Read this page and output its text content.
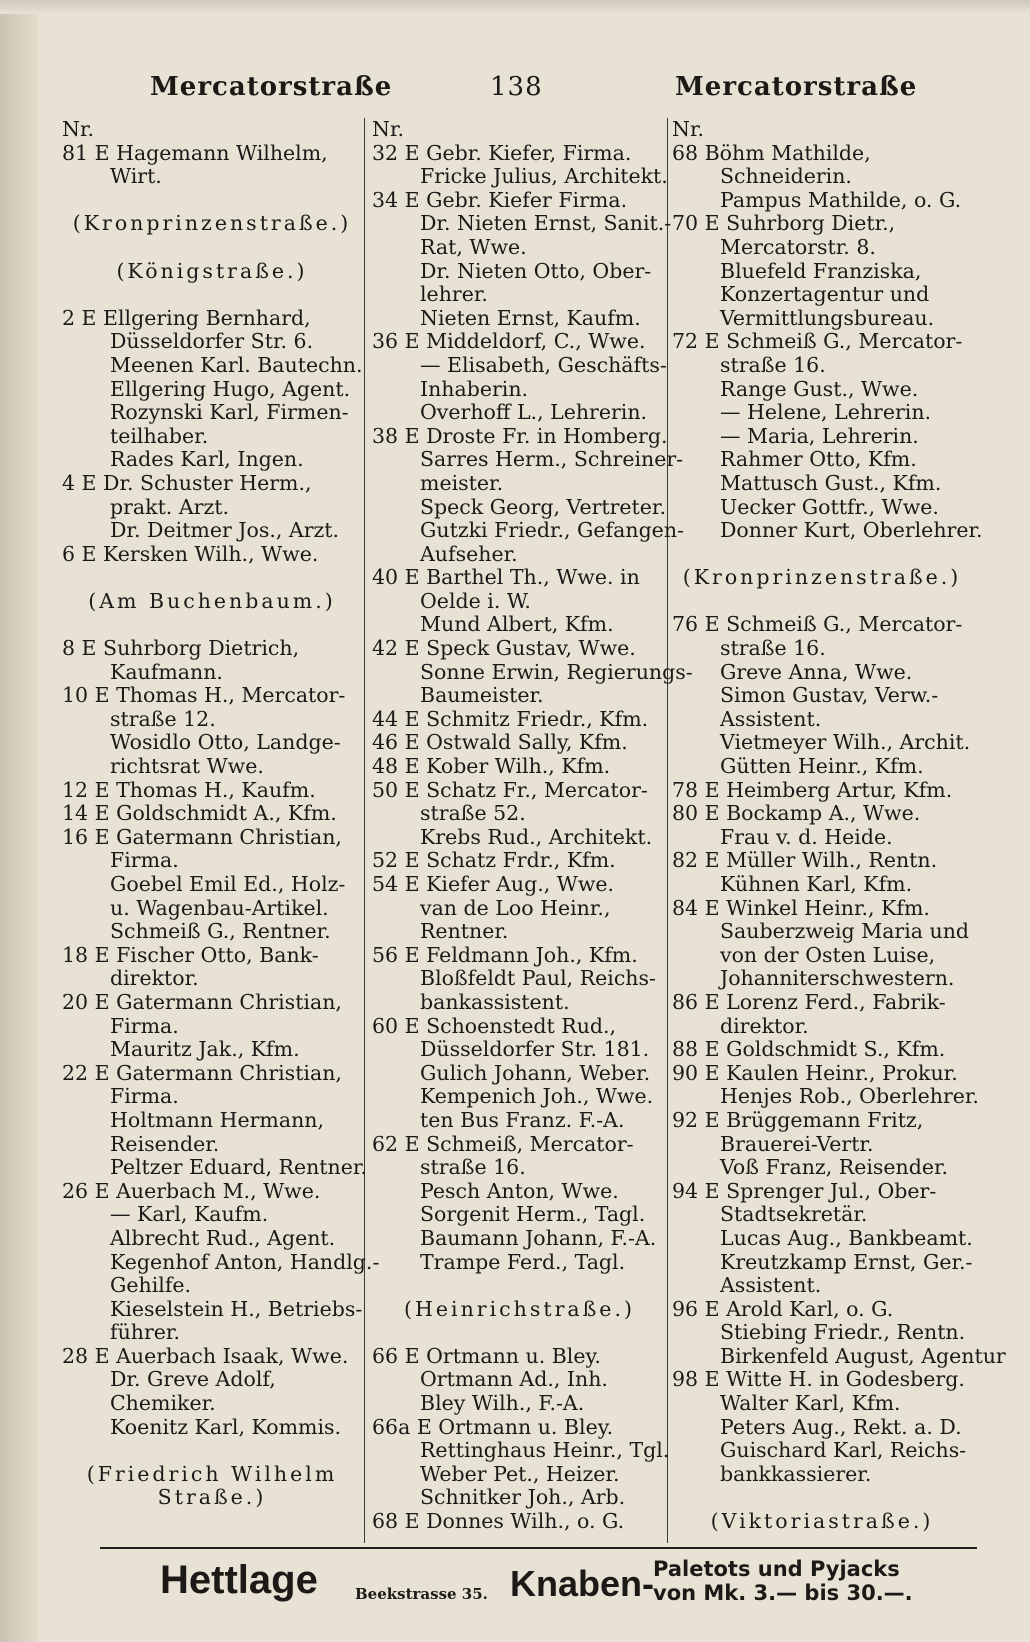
Mercatorstraße	138	Mercatorstraße
Nr.
81 E Hagemann Wilhelm,
Wirt.
(Kronprinzenstraße.)
(Königstraße.)
2 E Ellgering Bernhard,
Düsseldorfer Str. 6.
Meenen Karl. Bautechn.
Ellgering Hugo, Agent.
Rozynski Karl, Firmen-
teilhaber.
Rades Karl, Ingen.
4 E Dr. Schuster Herm.,
prakt. Arzt.
Dr. Deitmer Jos., Arzt.
6 E Kersken Wilh., Wwe.
(Am Buchenbaum.)
8 E Suhrborg Dietrich,
Kaufmann.
10 E Thomas H., Mercator-
straße 12.
Wosidlo Otto, Landge-
richtsrat Wwe.
12 E Thomas H., Kaufm.
14 E Goldschmidt A., Kfm.
16 E Gatermann Christian,
Firma.
Goebel Emil Ed., Holz-
u. Wagenbau-Artikel.
Schmeiß G., Rentner.
18 E Fischer Otto, Bank-
direktor.
20 E Gatermann Christian,
Firma.
Mauritz Jak., Kfm.
22 E Gatermann Christian,
Firma.
Holtmann Hermann,
Reisender.
Peltzer Eduard, Rentner.
26 E Auerbach M., Wwe.
— Karl, Kaufm.
Albrecht Rud., Agent.
Kegenhof Anton, Handlg.-
Gehilfe.
Kieselstein H., Betriebs-
führer.
28 E Auerbach Isaak, Wwe.
Dr. Greve Adolf,
Chemiker.
Koenitz Karl, Kommis.
(Friedrich Wilhelm
Straße.)
Nr.
32 E Gebr. Kiefer, Firma.
Fricke Julius, Architekt.
34 E Gebr. Kiefer Firma.
Dr. Nieten Ernst, Sanit.-
Rat, Wwe.
Dr. Nieten Otto, Ober-
lehrer.
Nieten Ernst, Kaufm.
36 E Middeldorf, C., Wwe.
— Elisabeth, Geschäfts-
Inhaberin.
Overhoff L., Lehrerin.
38 E Droste Fr. in Homberg.
Sarres Herm., Schreiner-
meister.
Speck Georg, Vertreter.
Gutzki Friedr., Gefangen-
Aufseher.
40 E Barthel Th., Wwe. in
Oelde i. W.
Mund Albert, Kfm.
42 E Speck Gustav, Wwe.
Sonne Erwin, Regierungs-
Baumeister.
44 E Schmitz Friedr., Kfm.
46 E Ostwald Sally, Kfm.
48 E Kober Wilh., Kfm.
50 E Schatz Fr., Mercator-
straße 52.
Krebs Rud., Architekt.
52 E Schatz Frdr., Kfm.
54 E Kiefer Aug., Wwe.
van de Loo Heinr.,
Rentner.
56 E Feldmann Joh., Kfm.
Bloßfeldt Paul, Reichs-
bankassistent.
60 E Schoenstedt Rud.,
Düsseldorfer Str. 181.
Gulich Johann, Weber.
Kempenich Joh., Wwe.
ten Bus Franz. F.-A.
62 E Schmeiß, Mercator-
straße 16.
Pesch Anton, Wwe.
Sorgenit Herm., Tagl.
Baumann Johann, F.-A.
Trampe Ferd., Tagl.
(Heinrichstraße.)
66 E Ortmann u. Bley.
Ortmann Ad., Inh.
Bley Wilh., F.-A.
66a E Ortmann u. Bley.
Rettinghaus Heinr., Tgl.
Weber Pet., Heizer.
Schnitker Joh., Arb.
68 E Donnes Wilh., o. G.
Nr.
68 Böhm Mathilde,
Schneiderin.
Pampus Mathilde, o. G.
70 E Suhrborg Dietr.,
Mercatorstr. 8.
Bluefeld Franziska,
Konzertagentur und
Vermittlungsbureau.
72 E Schmeiß G., Mercator-
straße 16.
Range Gust., Wwe.
— Helene, Lehrerin.
— Maria, Lehrerin.
Rahmer Otto, Kfm.
Mattusch Gust., Kfm.
Uecker Gottfr., Wwe.
Donner Kurt, Oberlehrer.
(Kronprinzenstraße.)
76 E Schmeiß G., Mercator-
straße 16.
Greve Anna, Wwe.
Simon Gustav, Verw.-
Assistent.
Vietmeyer Wilh., Archit.
Gütten Heinr., Kfm.
78 E Heimberg Artur, Kfm.
80 E Bockamp A., Wwe.
Frau v. d. Heide.
82 E Müller Wilh., Rentn.
Kühnen Karl, Kfm.
84 E Winkel Heinr., Kfm.
Sauberzweig Maria und
von der Osten Luise,
Johanniterschwestern.
86 E Lorenz Ferd., Fabrik-
direktor.
88 E Goldschmidt S., Kfm.
90 E Kaulen Heinr., Prokur.
Henjes Rob., Oberlehrer.
92 E Brüggemann Fritz,
Brauerei-Vertr.
Voß Franz, Reisender.
94 E Sprenger Jul., Ober-
Stadtsekretär.
Lucas Aug., Bankbeamt.
Kreutzkamp Ernst, Ger.-
Assistent.
96 E Arold Karl, o. G.
Stiebing Friedr., Rentn.
Birkenfeld August, Agentur
98 E Witte H. in Godesberg.
Walter Karl, Kfm.
Peters Aug., Rekt. a. D.
Guischard Karl, Reichs-
bankkassierer.
(Viktoriastraße.)
Hettlage Beekstrasse 35. Knaben- Paletots und Pyjacks
von Mk. 3.— bis 30.—.
